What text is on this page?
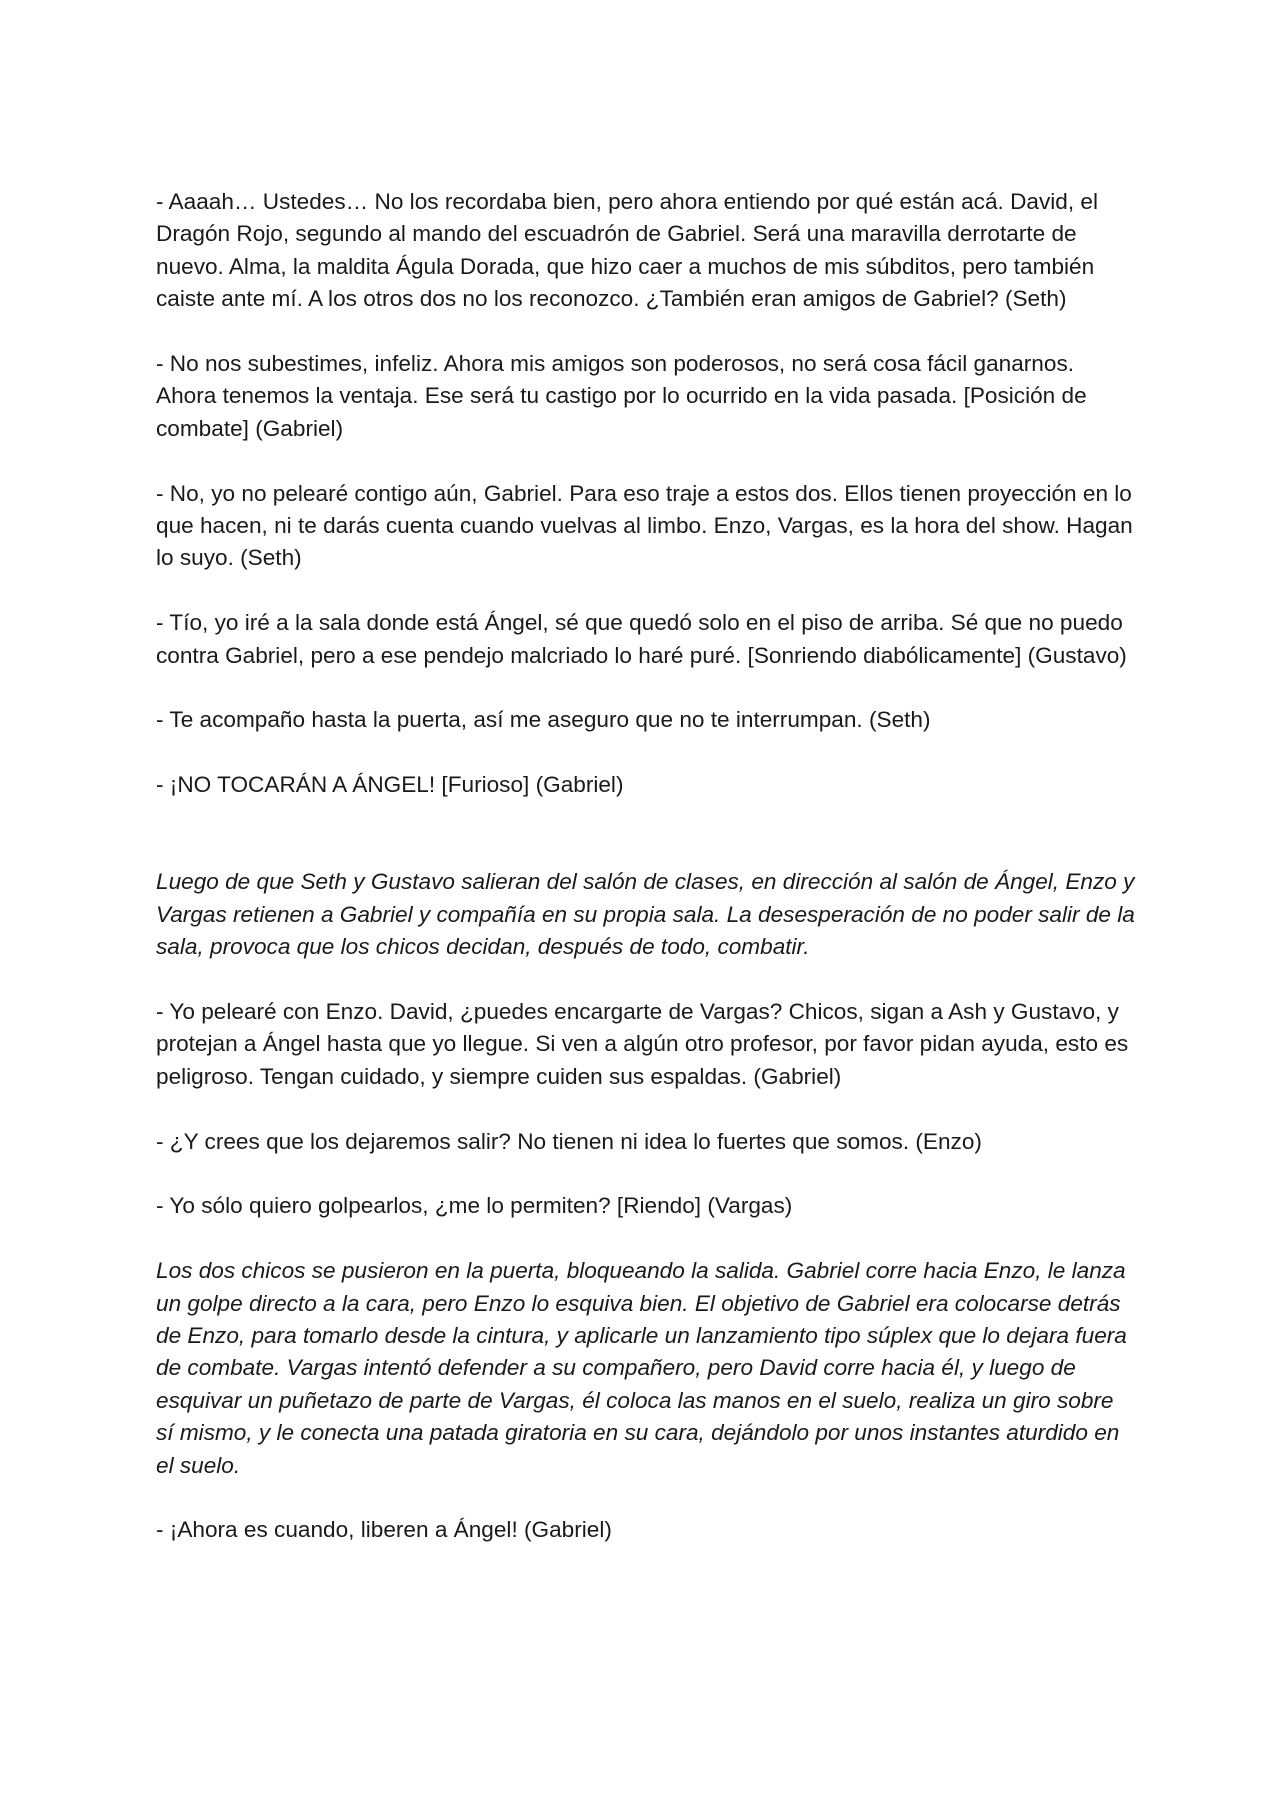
- Aaaah… Ustedes… No los recordaba bien, pero ahora entiendo por qué están acá. David, el Dragón Rojo, segundo al mando del escuadrón de Gabriel. Será una maravilla derrotarte de nuevo. Alma, la maldita Águla Dorada, que hizo caer a muchos de mis súbditos, pero también caiste ante mí. A los otros dos no los reconozco. ¿También eran amigos de Gabriel? (Seth)

- No nos subestimes, infeliz. Ahora mis amigos son poderosos, no será cosa fácil ganarnos. Ahora tenemos la ventaja. Ese será tu castigo por lo ocurrido en la vida pasada. [Posición de combate] (Gabriel)

- No, yo no pelearé contigo aún, Gabriel. Para eso traje a estos dos. Ellos tienen proyección en lo que hacen, ni te darás cuenta cuando vuelvas al limbo. Enzo, Vargas, es la hora del show. Hagan lo suyo. (Seth)

- Tío, yo iré a la sala donde está Ángel, sé que quedó solo en el piso de arriba. Sé que no puedo contra Gabriel, pero a ese pendejo malcriado lo haré puré. [Sonriendo diabólicamente] (Gustavo)

- Te acompaño hasta la puerta, así me aseguro que no te interrumpan. (Seth)

- ¡NO TOCARÁN A ÁNGEL! [Furioso] (Gabriel)

Luego de que Seth y Gustavo salieran del salón de clases, en dirección al salón de Ángel, Enzo y Vargas retienen a Gabriel y compañía en su propia sala. La desesperación de no poder salir de la sala, provoca que los chicos decidan, después de todo, combatir.

- Yo pelearé con Enzo. David, ¿puedes encargarte de Vargas? Chicos, sigan a Ash y Gustavo, y protejan a Ángel hasta que yo llegue. Si ven a algún otro profesor, por favor pidan ayuda, esto es peligroso. Tengan cuidado, y siempre cuiden sus espaldas. (Gabriel)

- ¿Y crees que los dejaremos salir? No tienen ni idea lo fuertes que somos. (Enzo)

- Yo sólo quiero golpearlos, ¿me lo permiten? [Riendo] (Vargas)

Los dos chicos se pusieron en la puerta, bloqueando la salida. Gabriel corre hacia Enzo, le lanza un golpe directo a la cara, pero Enzo lo esquiva bien. El objetivo de Gabriel era colocarse detrás de Enzo, para tomarlo desde la cintura, y aplicarle un lanzamiento tipo súplex que lo dejara fuera de combate. Vargas intentó defender a su compañero, pero David corre hacia él, y luego de esquivar un puñetazo de parte de Vargas, él coloca las manos en el suelo, realiza un giro sobre sí mismo, y le conecta una patada giratoria en su cara, dejándolo por unos instantes aturdido en el suelo.

- ¡Ahora es cuando, liberen a Ángel! (Gabriel)
